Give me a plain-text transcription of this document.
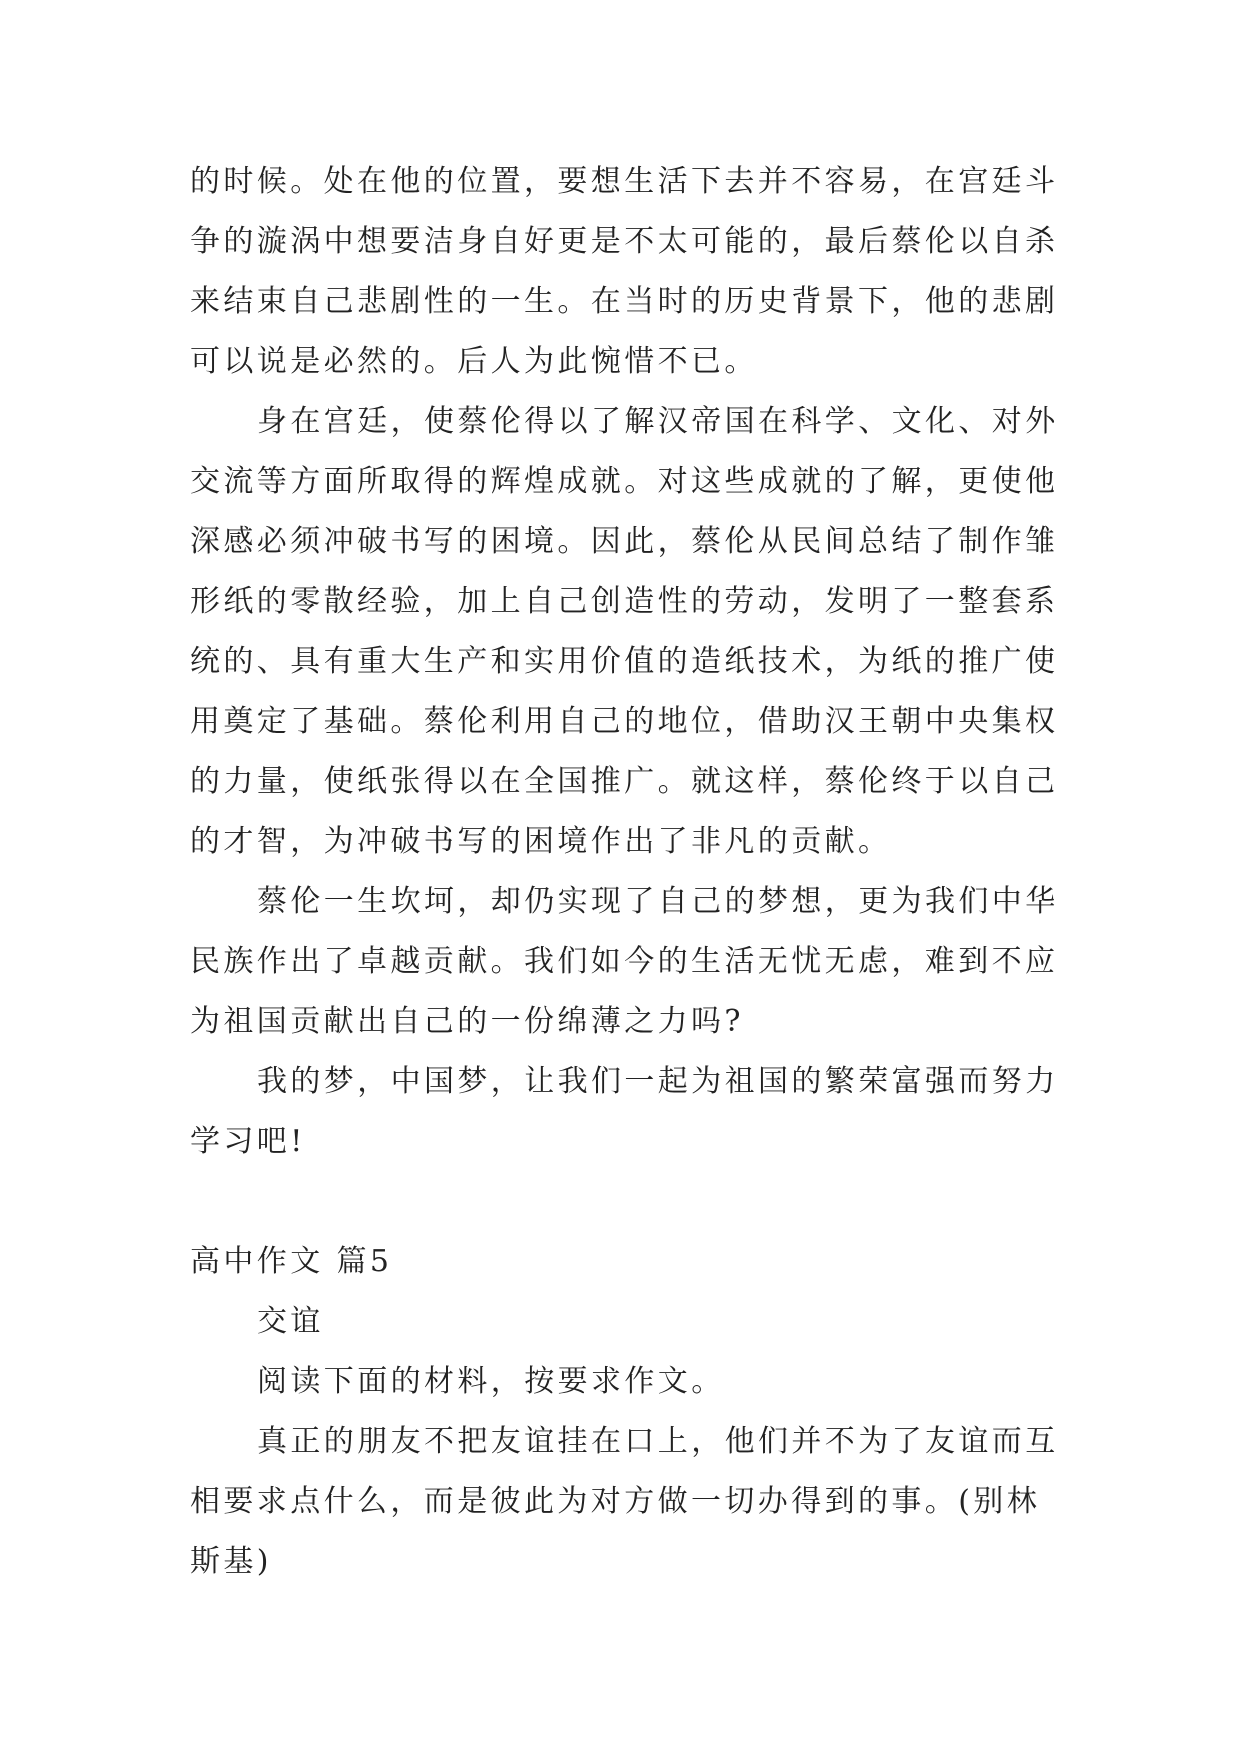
的时候。处在他的位置，要想生活下去并不容易，在宫廷斗
争的漩涡中想要洁身自好更是不太可能的，最后蔡伦以自杀
来结束自己悲剧性的一生。在当时的历史背景下，他的悲剧
可以说是必然的。后人为此惋惜不已。

身在宫廷，使蔡伦得以了解汉帝国在科学、文化、对外
交流等方面所取得的辉煌成就。对这些成就的了解，更使他
深感必须冲破书写的困境。因此，蔡伦从民间总结了制作雏
形纸的零散经验，加上自己创造性的劳动，发明了一整套系
统的、具有重大生产和实用价值的造纸技术，为纸的推广使
用奠定了基础。蔡伦利用自己的地位，借助汉王朝中央集权
的力量，使纸张得以在全国推广。就这样，蔡伦终于以自己
的才智，为冲破书写的困境作出了非凡的贡献。

蔡伦一生坎坷，却仍实现了自己的梦想，更为我们中华
民族作出了卓越贡献。我们如今的生活无忧无虑，难到不应
为祖国贡献出自己的一份绵薄之力吗?

我的梦，中国梦，让我们一起为祖国的繁荣富强而努力
学习吧!

高中作文 篇5

交谊

阅读下面的材料，按要求作文。

真正的朋友不把友谊挂在口上，他们并不为了友谊而互
相要求点什么，而是彼此为对方做一切办得到的事。(别林
斯基)
